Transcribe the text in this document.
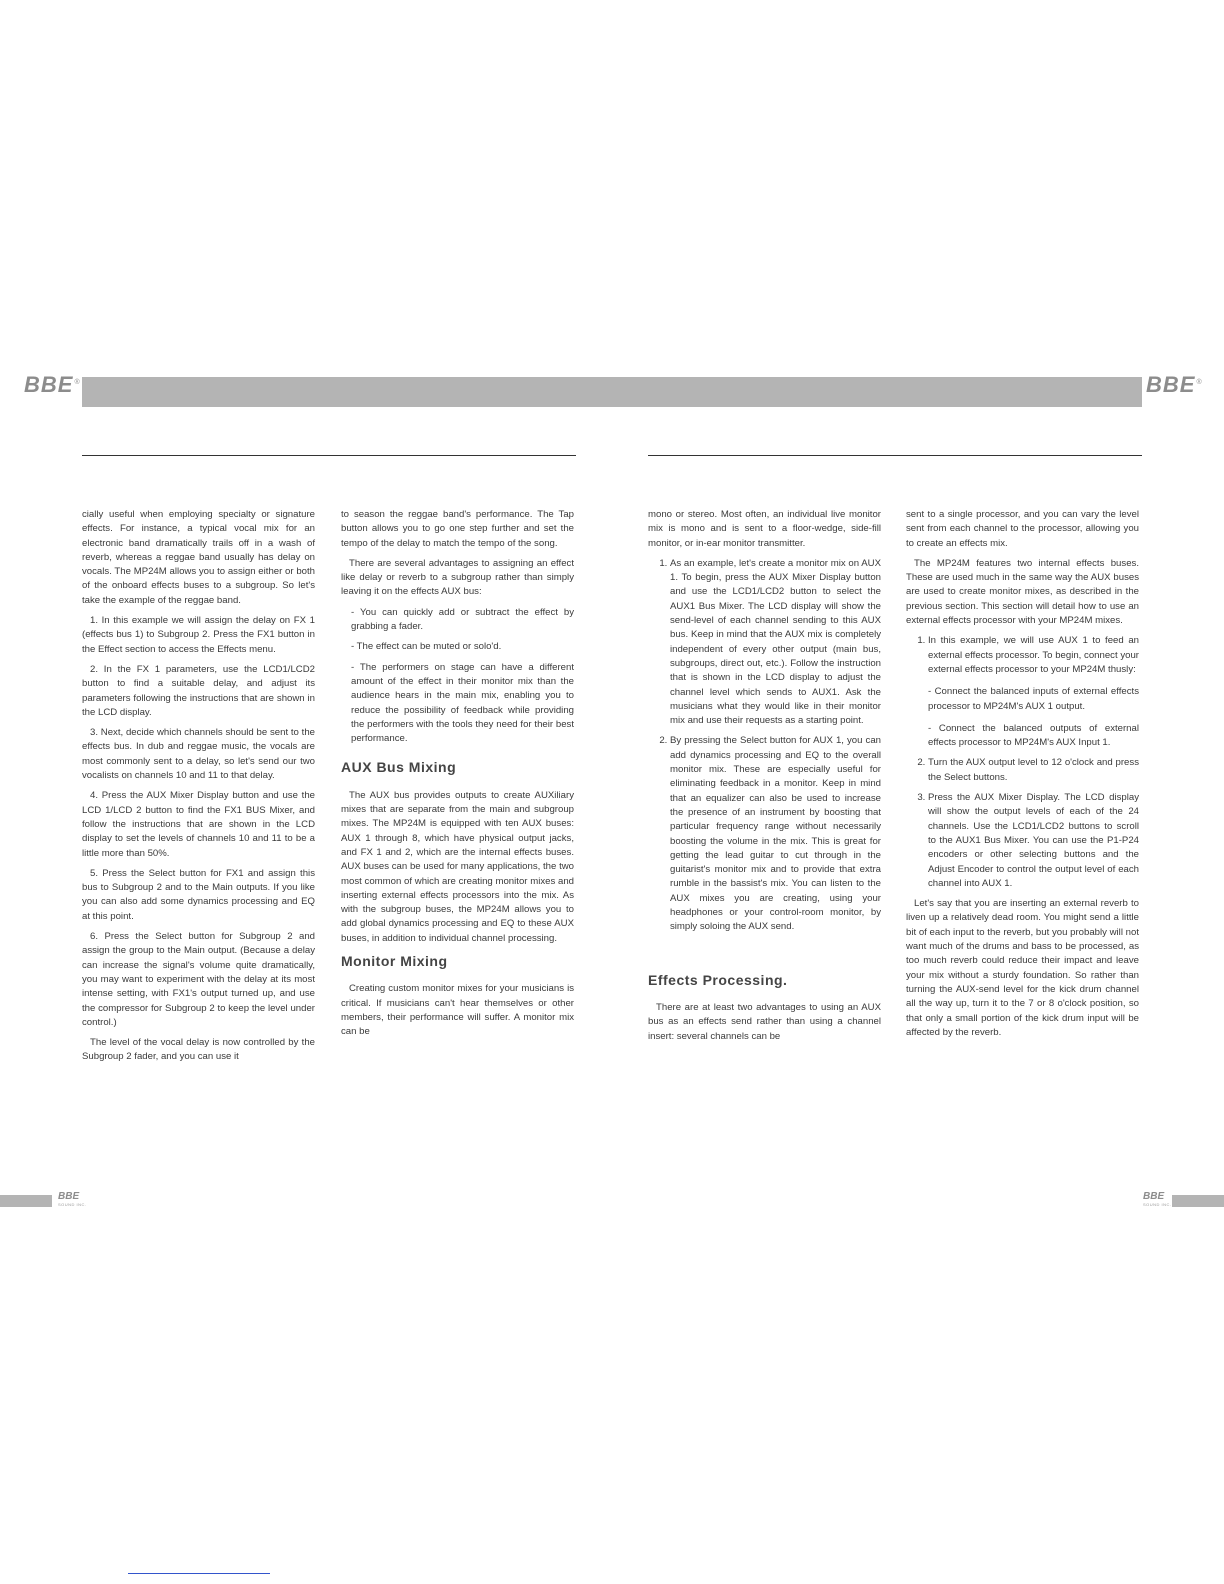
BBE®	BBE®

cially useful when employing specialty or signature effects. For instance, a typical vocal mix for an electronic band dramatically trails off in a wash of reverb, whereas a reggae band usually has delay on vocals. The MP24M allows you to assign either or both of the onboard effects buses to a subgroup. So let's take the example of the reggae band.

1. In this example we will assign the delay on FX 1 (effects bus 1) to Subgroup 2. Press the FX1 button in the Effect section to access the Effects menu.

2. In the FX 1 parameters, use the LCD1/LCD2 button to find a suitable delay, and adjust its parameters following the instructions that are shown in the LCD display.

3. Next, decide which channels should be sent to the effects bus. In dub and reggae music, the vocals are most commonly sent to a delay, so let's send our two vocalists on channels 10 and 11 to that delay.

4. Press the AUX Mixer Display button and use the LCD 1/LCD 2 button to find the FX1 BUS Mixer, and follow the instructions that are shown in the LCD display to set the levels of channels 10 and 11 to be a little more than 50%.

5. Press the Select button for FX1 and assign this bus to Subgroup 2 and to the Main outputs. If you like you can also add some dynamics processing and EQ at this point.

6. Press the Select button for Subgroup 2 and assign the group to the Main output. (Because a delay can increase the signal's volume quite dramatically, you may want to experiment with the delay at its most intense setting, with FX1's output turned up, and use the compressor for Subgroup 2 to keep the level under control.)

The level of the vocal delay is now controlled by the Subgroup 2 fader, and you can use it

to season the reggae band's performance. The Tap button allows you to go one step further and set the tempo of the delay to match the tempo of the song.

There are several advantages to assigning an effect like delay or reverb to a subgroup rather than simply leaving it on the effects AUX bus:

- You can quickly add or subtract the effect by grabbing a fader.
- The effect can be muted or solo'd.
- The performers on stage can have a different amount of the effect in their monitor mix than the audience hears in the main mix, enabling you to reduce the possibility of feedback while providing the performers with the tools they need for their best performance.
AUX Bus Mixing

The AUX bus provides outputs to create AUXiliary mixes that are separate from the main and subgroup mixes. The MP24M is equipped with ten AUX buses: AUX 1 through 8, which have physical output jacks, and FX 1 and 2, which are the internal effects buses. AUX buses can be used for many applications, the two most common of which are creating monitor mixes and inserting external effects processors into the mix. As with the subgroup buses, the MP24M allows you to add global dynamics processing and EQ to these AUX buses, in addition to individual channel processing.

Monitor Mixing

Creating custom monitor mixes for your musicians is critical. If musicians can't hear themselves or other members, their performance will suffer. A monitor mix can be

mono or stereo. Most often, an individual live monitor mix is mono and is sent to a floor-wedge, side-fill monitor, or in-ear monitor transmitter.

1. As an example, let's create a monitor mix on AUX 1. To begin, press the AUX Mixer Display button and use the LCD1/LCD2 button to select the AUX1 Bus Mixer. The LCD display will show the send-level of each channel sending to this AUX bus. Keep in mind that the AUX mix is completely independent of every other output (main bus, subgroups, direct out, etc.). Follow the instruction that is shown in the LCD display to adjust the channel level which sends to AUX1. Ask the musicians what they would like in their monitor mix and use their requests as a starting point.
2. By pressing the Select button for AUX 1, you can add dynamics processing and EQ to the overall monitor mix. These are especially useful for eliminating feedback in a monitor. Keep in mind that an equalizer can also be used to increase the presence of an instrument by boosting that particular frequency range without necessarily boosting the volume in the mix. This is great for getting the lead guitar to cut through in the guitarist's monitor mix and to provide that extra rumble in the bassist's mix. You can listen to the AUX mixes you are creating, using your headphones or your control-room monitor, by simply soloing the AUX send.
Effects Processing.

There are at least two advantages to using an AUX bus as an effects send rather than using a channel insert: several channels can be

sent to a single processor, and you can vary the level sent from each channel to the processor, allowing you to create an effects mix.

The MP24M features two internal effects buses. These are used much in the same way the AUX buses are used to create monitor mixes, as described in the previous section. This section will detail how to use an external effects processor with your MP24M mixes.

1. In this example, we will use AUX 1 to feed an external effects processor. To begin, connect your external effects processor to your MP24M thusly:
- Connect the balanced inputs of external effects processor to MP24M's AUX 1 output.
- Connect the balanced outputs of external effects processor to MP24M's AUX Input 1.
2. Turn the AUX output level to 12 o'clock and press the Select buttons.
3. Press the AUX Mixer Display. The LCD display will show the output levels of each of the 24 channels. Use the LCD1/LCD2 buttons to scroll to the AUX1 Bus Mixer. You can use the P1-P24 encoders or other selecting buttons and the Adjust Encoder to control the output level of each channel into AUX 1.

Let's say that you are inserting an external reverb to liven up a relatively dead room. You might send a little bit of each input to the reverb, but you probably will not want much of the drums and bass to be processed, as too much reverb could reduce their impact and leave your mix without a sturdy foundation. So rather than turning the AUX-send level for the kick drum channel all the way up, turn it to the 7 or 8 o'clock position, so that only a small portion of the kick drum input will be affected by the reverb.

BBE
SOUND INC.
BBE
SOUND INC.
